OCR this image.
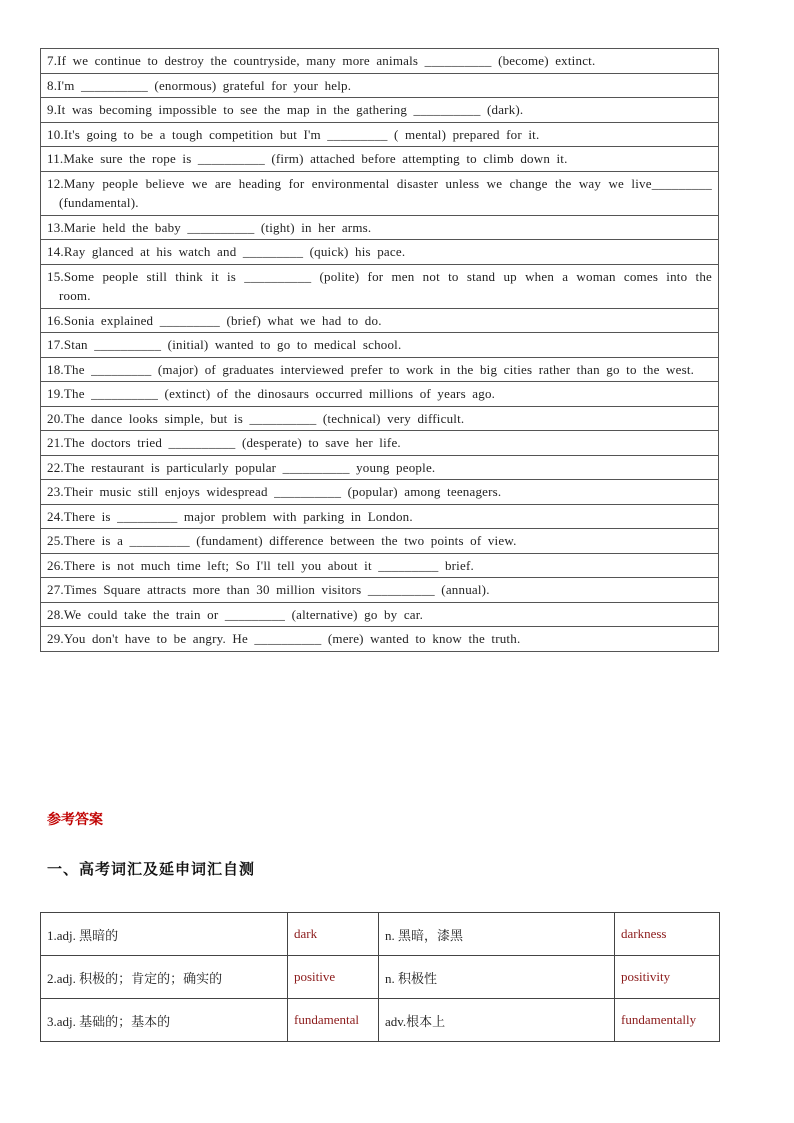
7.If we continue to destroy the countryside, many more animals __________ (become) extinct.

8.I'm __________ (enormous) grateful for your help.

9.It was becoming impossible to see the map in the gathering __________ (dark).

10.It's going to be a tough competition but I'm _________ ( mental) prepared for it.

11.Make sure the rope is __________ (firm) attached before attempting to climb down it.

12.Many people believe we are heading for environmental disaster unless we change the way we live_________ (fundamental).

13.Marie held the baby __________ (tight) in her arms.

14.Ray glanced at his watch and _________ (quick) his pace.

15.Some people still think it is __________ (polite) for men not to stand up when a woman comes into the room.

16.Sonia explained _________ (brief) what we had to do.

17.Stan __________ (initial) wanted to go to medical school.

18.The _________ (major) of graduates interviewed prefer to work in the big cities rather than go to the west.

19.The __________ (extinct) of the dinosaurs occurred millions of years ago.

20.The dance looks simple, but is __________ (technical) very difficult.

21.The doctors tried __________ (desperate) to save her life.

22.The restaurant is particularly popular __________ young people.

23.Their music still enjoys widespread __________ (popular) among teenagers.

24.There is _________ major problem with parking in London.

25.There is a _________ (fundament) difference between the two points of view.

26.There is not much time left; So I'll tell you about it _________ brief.

27.Times Square attracts more than 30 million visitors __________ (annual).

28.We could take the train or _________ (alternative) go by car.

29.You don't have to be angry. He __________ (mere) wanted to know the truth.
参考答案
一、高考词汇及延申词汇自测
1.adj. 黑暗的	dark	n. 黑暗，漆黑	darkness
2.adj. 积极的；肯定的；确实的	positive	n. 积极性	positivity
3.adj. 基础的；基本的	fundamental	adv.根本上	fundamentally
